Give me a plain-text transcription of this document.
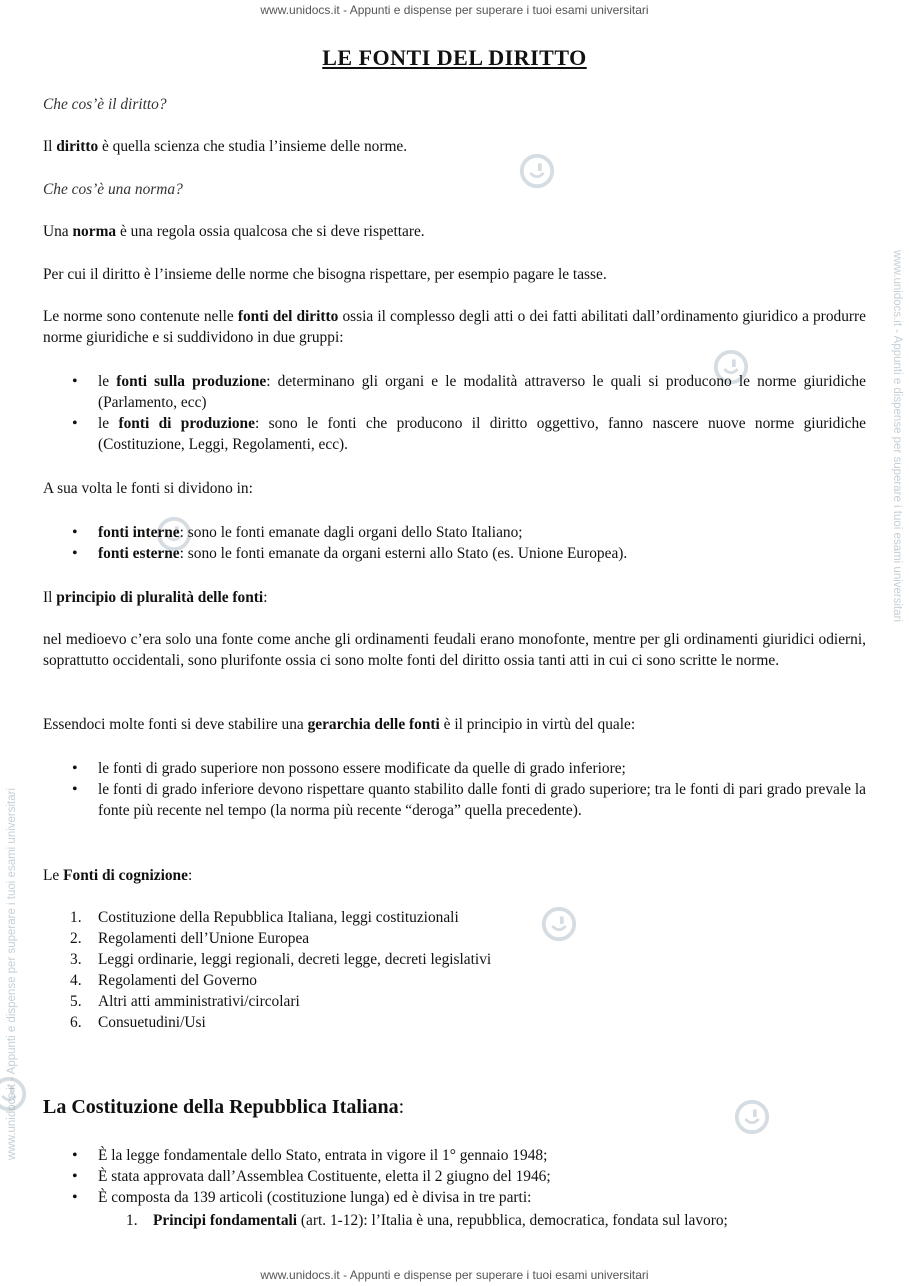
www.unidocs.it - Appunti e dispense per superare i tuoi esami universitari
www.unidocs.it - Appunti e dispense per superare i tuoi esami universitari
www.unidocs.it - Appunti e dispense per superare i tuoi esami universitari
www.unidocs.it - Appunti e dispense per superare i tuoi esami universitari
LE FONTI DEL DIRITTO

Che cos’è il diritto?

Il diritto è quella scienza che studia l’insieme delle norme.

Che cos’è una norma?

Una norma è una regola ossia qualcosa che si deve rispettare.

Per cui il diritto è l’insieme delle norme che bisogna rispettare, per esempio pagare le tasse.

Le norme sono contenute nelle fonti del diritto ossia il complesso degli atti o dei fatti abilitati dall’ordinamento giuridico a produrre norme giuridiche e si suddividono in due gruppi:

• le fonti sulla produzione: determinano gli organi e le modalità attraverso le quali si producono le norme giuridiche (Parlamento, ecc)
• le fonti di produzione: sono le fonti che producono il diritto oggettivo, fanno nascere nuove norme giuridiche (Costituzione, Leggi, Regolamenti, ecc).

A sua volta le fonti si dividono in:

• fonti interne: sono le fonti emanate dagli organi dello Stato Italiano;
• fonti esterne: sono le fonti emanate da organi esterni allo Stato (es. Unione Europea).

Il principio di pluralità delle fonti:

nel medioevo c’era solo una fonte come anche gli ordinamenti feudali erano monofonte, mentre per gli ordinamenti giuridici odierni, soprattutto occidentali, sono plurifonte ossia ci sono molte fonti del diritto ossia tanti atti in cui ci sono scritte le norme.

Essendoci molte fonti si deve stabilire una gerarchia delle fonti è il principio in virtù del quale:

• le fonti di grado superiore non possono essere modificate da quelle di grado inferiore;
• le fonti di grado inferiore devono rispettare quanto stabilito dalle fonti di grado superiore; tra le fonti di pari grado prevale la fonte più recente nel tempo (la norma più recente “deroga” quella precedente).

Le Fonti di cognizione:

1. Costituzione della Repubblica Italiana, leggi costituzionali
2. Regolamenti dell’Unione Europea
3. Leggi ordinarie, leggi regionali, decreti legge, decreti legislativi
4. Regolamenti del Governo
5. Altri atti amministrativi/circolari
6. Consuetudini/Usi
La Costituzione della Repubblica Italiana:
• È la legge fondamentale dello Stato, entrata in vigore il 1° gennaio 1948;
• È stata approvata dall’Assemblea Costituente, eletta il 2 giugno del 1946;
• È composta da 139 articoli (costituzione lunga) ed è divisa in tre parti:
1. Principi fondamentali (art. 1-12): l’Italia è una, repubblica, democratica, fondata sul lavoro;
